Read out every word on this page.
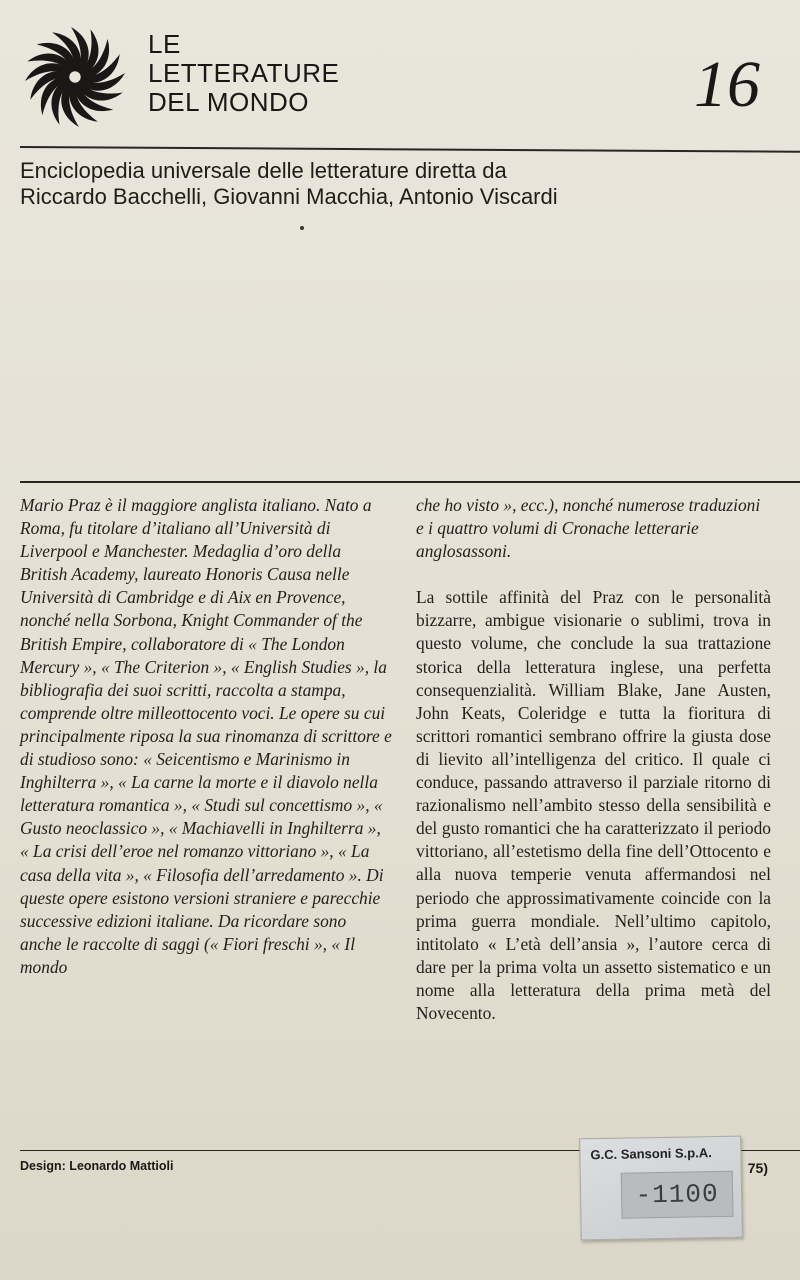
LE
LETTERATURE
DEL MONDO	16
Enciclopedia universale delle letterature diretta da
Riccardo Bacchelli, Giovanni Macchia, Antonio Viscardi

Mario Praz è il maggiore anglista italiano. Nato a Roma, fu titolare d’italiano all’Università di Liverpool e Manchester. Medaglia d’oro della British Academy, laureato Honoris Causa nelle Università di Cambridge e di Aix en Provence, nonché nella Sorbona, Knight Commander of the British Empire, collaboratore di « The London Mercury », « The Criterion », « English Studies », la bibliografia dei suoi scritti, raccolta a stampa, comprende oltre milleottocento voci. Le opere su cui principalmente riposa la sua rinomanza di scrittore e di studioso sono: « Seicentismo e Marinismo in Inghilterra », « La carne la morte e il diavolo nella letteratura romantica », « Studi sul concettismo », « Gusto neoclassico », « Machiavelli in Inghilterra », « La crisi dell’eroe nel romanzo vittoriano », « La casa della vita », « Filosofia dell’arredamento ». Di queste opere esistono versioni straniere e parecchie successive edizioni italiane. Da ricordare sono anche le raccolte di saggi (« Fiori freschi », « Il mondo

che ho visto », ecc.), nonché numerose traduzioni e i quattro volumi di Cronache letterarie anglosassoni.

La sottile affinità del Praz con le personalità bizzarre, ambigue visionarie o sublimi, trova in questo volume, che conclude la sua trattazione storica della letteratura inglese, una perfetta consequenzialità. William Blake, Jane Austen, John Keats, Coleridge e tutta la fioritura di scrittori romantici sembrano offrire la giusta dose di lievito all’intelligenza del critico. Il quale ci conduce, passando attraverso il parziale ritorno di razionalismo nell’ambito stesso della sensibilità e del gusto romantici che ha caratterizzato il periodo vittoriano, all’estetismo della fine dell’Ottocento e alla nuova temperie venuta affermandosi nel periodo che approssimativamente coincide con la prima guerra mondiale. Nell’ultimo capitolo, intitolato « L’età dell’ansia », l’autore cerca di dare per la prima volta un assetto sistematico e un nome alla letteratura della prima metà del Novecento.

Design: Leonardo Mattioli	75)
G.C. Sansoni S.p.A.
-1100
